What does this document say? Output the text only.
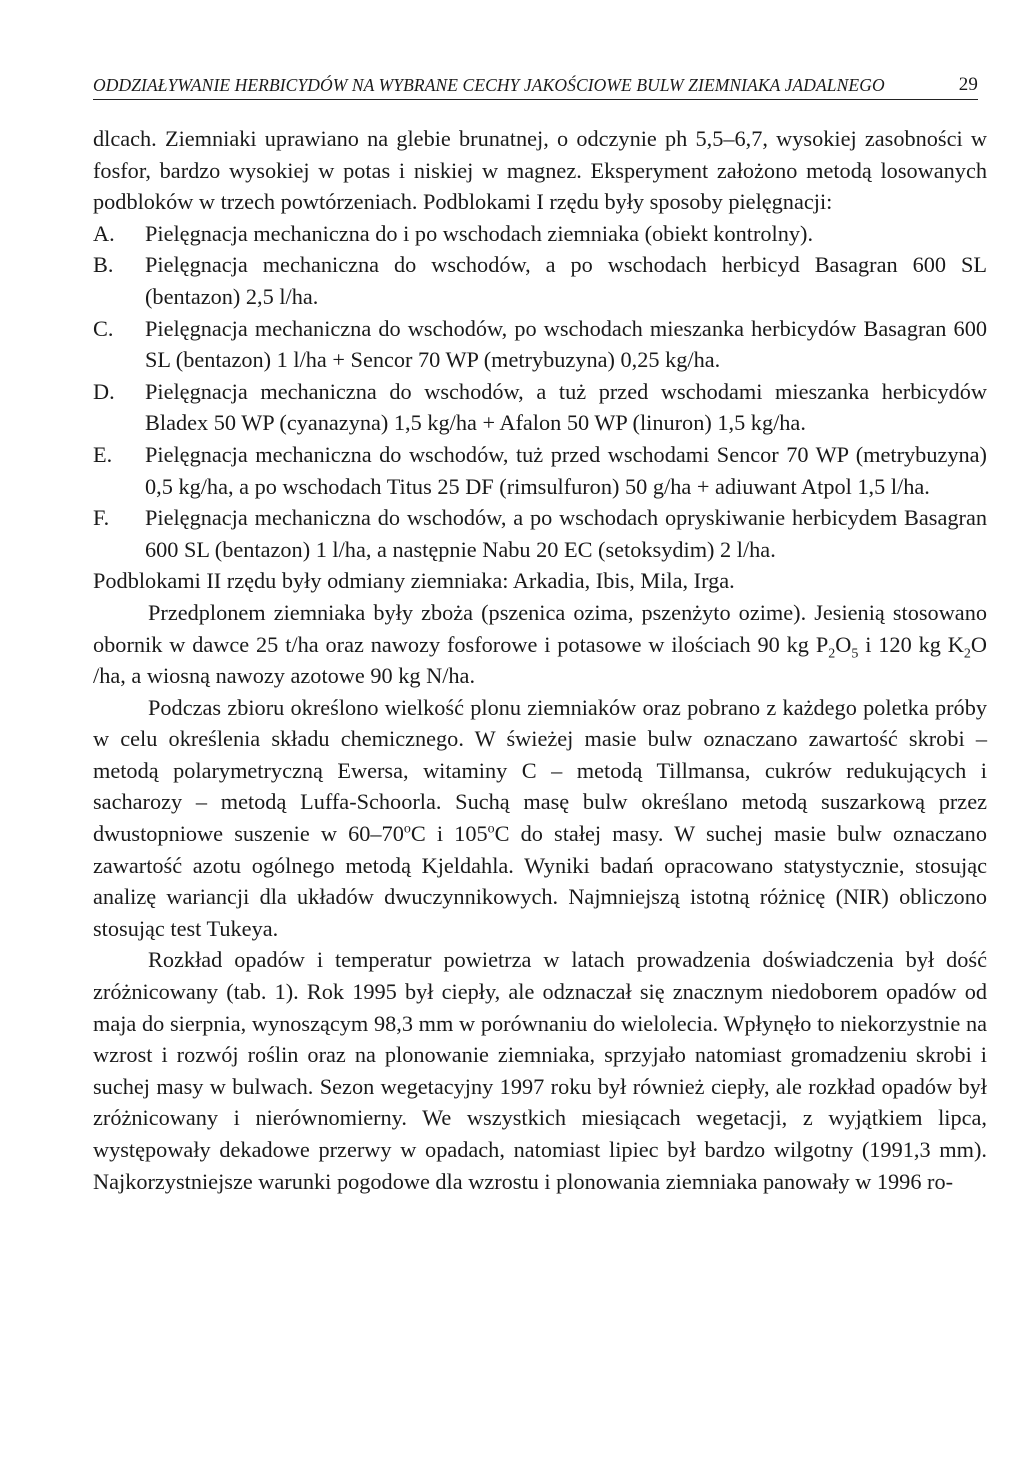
ODDZIAŁYWANIE HERBICYDÓW NA WYBRANE CECHY JAKOŚCIOWE BULW ZIEMNIAKA JADALNEGO	29

dlcach. Ziemniaki uprawiano na glebie brunatnej, o odczynie ph 5,5–6,7, wysokiej zasobności w fosfor, bardzo wysokiej w potas i niskiej w magnez. Eksperyment założono metodą losowanych podbloków w trzech powtórzeniach. Podblokami I rzędu były sposoby pielęgnacji:

A. Pielęgnacja mechaniczna do i po wschodach ziemniaka (obiekt kontrolny).
B. Pielęgnacja mechaniczna do wschodów, a po wschodach herbicyd Basagran 600 SL (bentazon) 2,5 l/ha.
C. Pielęgnacja mechaniczna do wschodów, po wschodach mieszanka herbicydów Basagran 600 SL (bentazon) 1 l/ha + Sencor 70 WP (metrybuzyna) 0,25 kg/ha.
D. Pielęgnacja mechaniczna do wschodów, a tuż przed wschodami mieszanka herbicydów Bladex 50 WP (cyanazyna) 1,5 kg/ha + Afalon 50 WP (linuron) 1,5 kg/ha.
E. Pielęgnacja mechaniczna do wschodów, tuż przed wschodami Sencor 70 WP (metrybuzyna) 0,5 kg/ha, a po wschodach Titus 25 DF (rimsulfuron) 50 g/ha + adiuwant Atpol 1,5 l/ha.
F. Pielęgnacja mechaniczna do wschodów, a po wschodach opryskiwanie herbicydem Basagran 600 SL (bentazon) 1 l/ha, a następnie Nabu 20 EC (setoksydim) 2 l/ha.

Podblokami II rzędu były odmiany ziemniaka: Arkadia, Ibis, Mila, Irga.

Przedplonem ziemniaka były zboża (pszenica ozima, pszenżyto ozime). Jesienią stosowano obornik w dawce 25 t/ha oraz nawozy fosforowe i potasowe w ilościach 90 kg $P_2O_5$ i 120 kg $K_2O$ /ha, a wiosną nawozy azotowe 90 kg N/ha.

Podczas zbioru określono wielkość plonu ziemniaków oraz pobrano z każdego poletka próby w celu określenia składu chemicznego. W świeżej masie bulw oznaczano zawartość skrobi – metodą polarymetryczną Ewersa, witaminy C – metodą Tillmansa, cukrów redukujących i sacharozy – metodą Luffa-Schoorla. Suchą masę bulw określano metodą suszarkową przez dwustopniowe suszenie w 60–70$^o$C i 105$^o$C do stałej masy. W suchej masie bulw oznaczano zawartość azotu ogólnego metodą Kjeldahla. Wyniki badań opracowano statystycznie, stosując analizę wariancji dla układów dwuczynnikowych. Najmniejszą istotną różnicę (NIR) obliczono stosując test Tukeya.

Rozkład opadów i temperatur powietrza w latach prowadzenia doświadczenia był dość zróżnicowany (tab. 1). Rok 1995 był ciepły, ale odznaczał się znacznym niedoborem opadów od maja do sierpnia, wynoszącym 98,3 mm w porównaniu do wielolecia. Wpłynęło to niekorzystnie na wzrost i rozwój roślin oraz na plonowanie ziemniaka, sprzyjało natomiast gromadzeniu skrobi i suchej masy w bulwach. Sezon wegetacyjny 1997 roku był również ciepły, ale rozkład opadów był zróżnicowany i nierównomierny. We wszystkich miesiącach wegetacji, z wyjątkiem lipca, występowały dekadowe przerwy w opadach, natomiast lipiec był bardzo wilgotny (1991,3 mm). Najkorzystniejsze warunki pogodowe dla wzrostu i plonowania ziemniaka panowały w 1996 ro-
